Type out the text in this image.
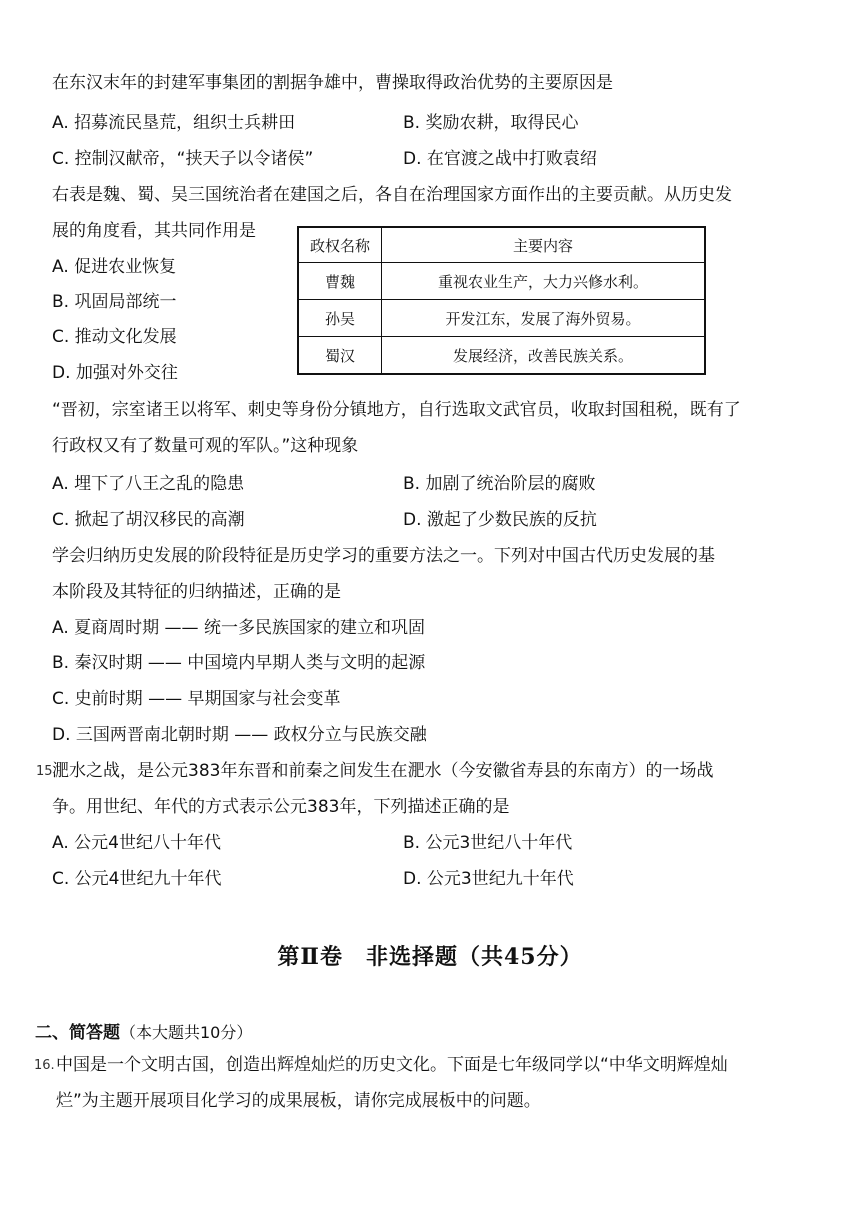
在东汉末年的封建军事集团的割据争雄中，曹操取得政治优势的主要原因是
A. 招募流民垦荒，组织士兵耕田	B. 奖励农耕，取得民心
C. 控制汉献帝，“挟天子以令诸侯”	D. 在官渡之战中打败袁绍
右表是魏、蜀、吴三国统治者在建国之后，各自在治理国家方面作出的主要贡献。从历史发
展的角度看，其共同作用是
A. 促进农业恢复
B. 巩固局部统一
C. 推动文化发展
D. 加强对外交往
政权名称	主要内容
曹魏	重视农业生产，大力兴修水利。
孙吴	开发江东，发展了海外贸易。
蜀汉	发展经济，改善民族关系。
“晋初，宗室诸王以将军、刺史等身份分镇地方，自行选取文武官员，收取封国租税，既有了
行政权又有了数量可观的军队。”这种现象
A. 埋下了八王之乱的隐患	B. 加剧了统治阶层的腐败
C. 掀起了胡汉移民的高潮	D. 激起了少数民族的反抗
学会归纳历史发展的阶段特征是历史学习的重要方法之一。下列对中国古代历史发展的基
本阶段及其特征的归纳描述，正确的是
A. 夏商周时期 —— 统一多民族国家的建立和巩固
B. 秦汉时期 —— 中国境内早期人类与文明的起源
C. 史前时期 —— 早期国家与社会变革
D. 三国两晋南北朝时期 —— 政权分立与民族交融
15 淝水之战，是公元383年东晋和前秦之间发生在淝水（今安徽省寿县的东南方）的一场战
争。用世纪、年代的方式表示公元383年，下列描述正确的是
A. 公元4世纪八十年代	B. 公元3世纪八十年代
C. 公元4世纪九十年代	D. 公元3世纪九十年代
第Ⅱ卷　非选择题（共45分）
二、简答题（本大题共10分）
16. 中国是一个文明古国，创造出辉煌灿烂的历史文化。下面是七年级同学以“中华文明辉煌灿
烂”为主题开展项目化学习的成果展板，请你完成展板中的问题。
